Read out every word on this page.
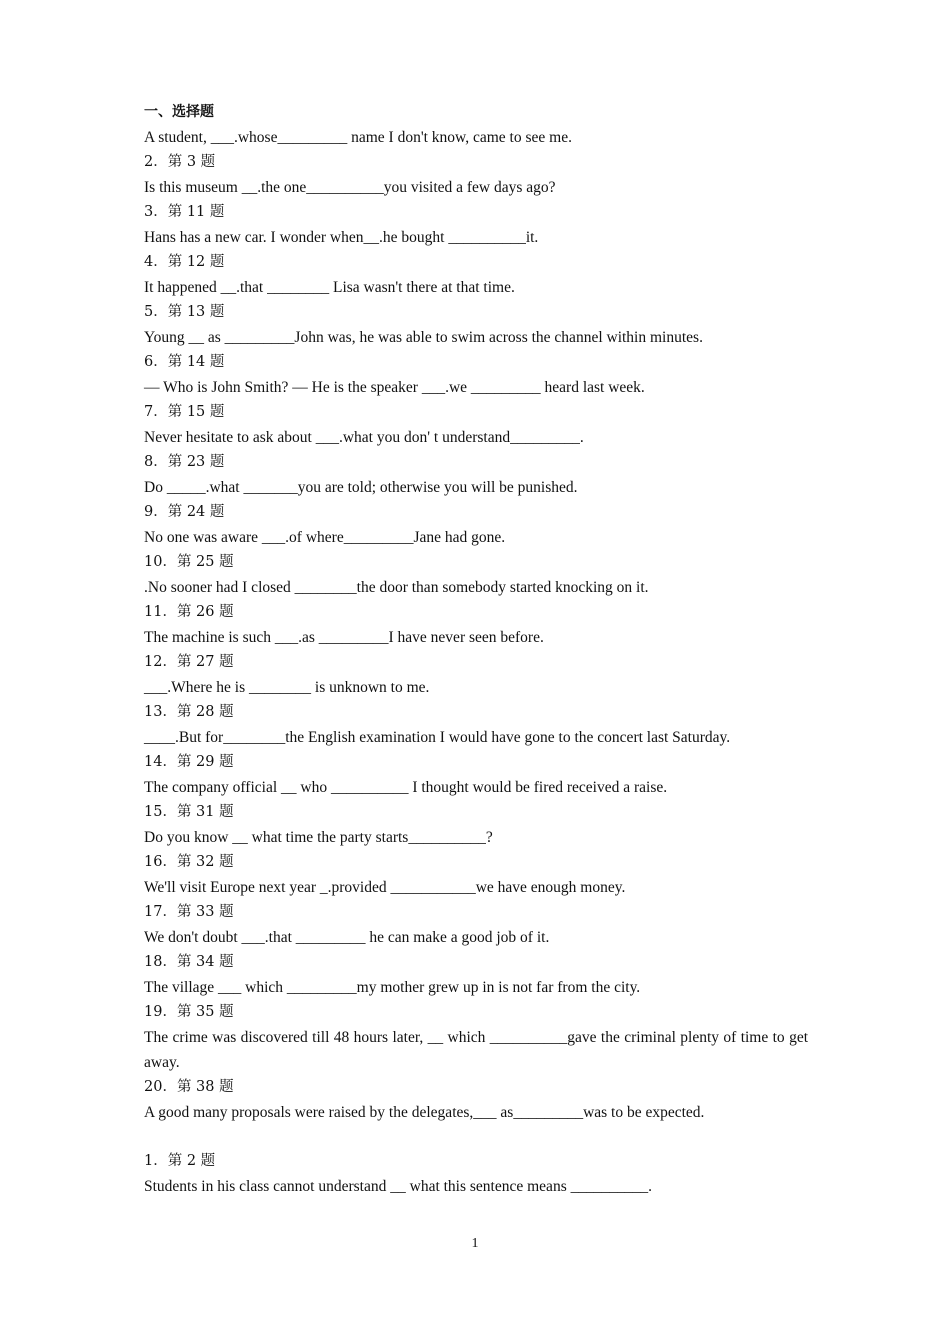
一、选择题
A student, ___.whose_________ name I don't know, came to see me.
2．第 3 题
Is this museum __.the one__________you visited a few days ago?
3．第 11 题
Hans has a new car. I wonder when__.he bought __________it.
4．第 12 题
It happened __.that ________ Lisa wasn't there at that time.
5．第 13 题
Young __ as _________John was, he was able to swim across the channel within minutes.
6．第 14 题
— Who is John Smith? — He is the speaker ___.we _________ heard last week.
7．第 15 题
Never hesitate to ask about ___.what you don' t understand_________.
8．第 23 题
Do _____.what _______you are told; otherwise you will be punished.
9．第 24 题
No one was aware ___.of where_________Jane had gone.
10．第 25 题
.No sooner had I closed ________the door than somebody started knocking on it.
11．第 26 题
The machine is such ___.as _________I have never seen before.
12．第 27 题
___.Where he is ________ is unknown to me.
13．第 28 题
____.But for________the English examination I would have gone to the concert last Saturday.
14．第 29 题
The company official __ who __________ I thought would be fired received a raise.
15．第 31 题
Do you know __ what time the party starts__________?
16．第 32 题
We'll visit Europe next year _.provided ___________we have enough money.
17．第 33 题
We don't doubt ___.that _________ he can make a good job of it.
18．第 34 题
The village ___ which _________my mother grew up in is not far from the city.
19．第 35 题
The crime was discovered till 48 hours later, __ which __________gave the criminal plenty of time to get away.
20．第 38 题
A good many proposals were raised by the delegates,___ as_________was to be expected.
1．第 2 题
Students in his class cannot understand __ what this sentence means __________.
1
